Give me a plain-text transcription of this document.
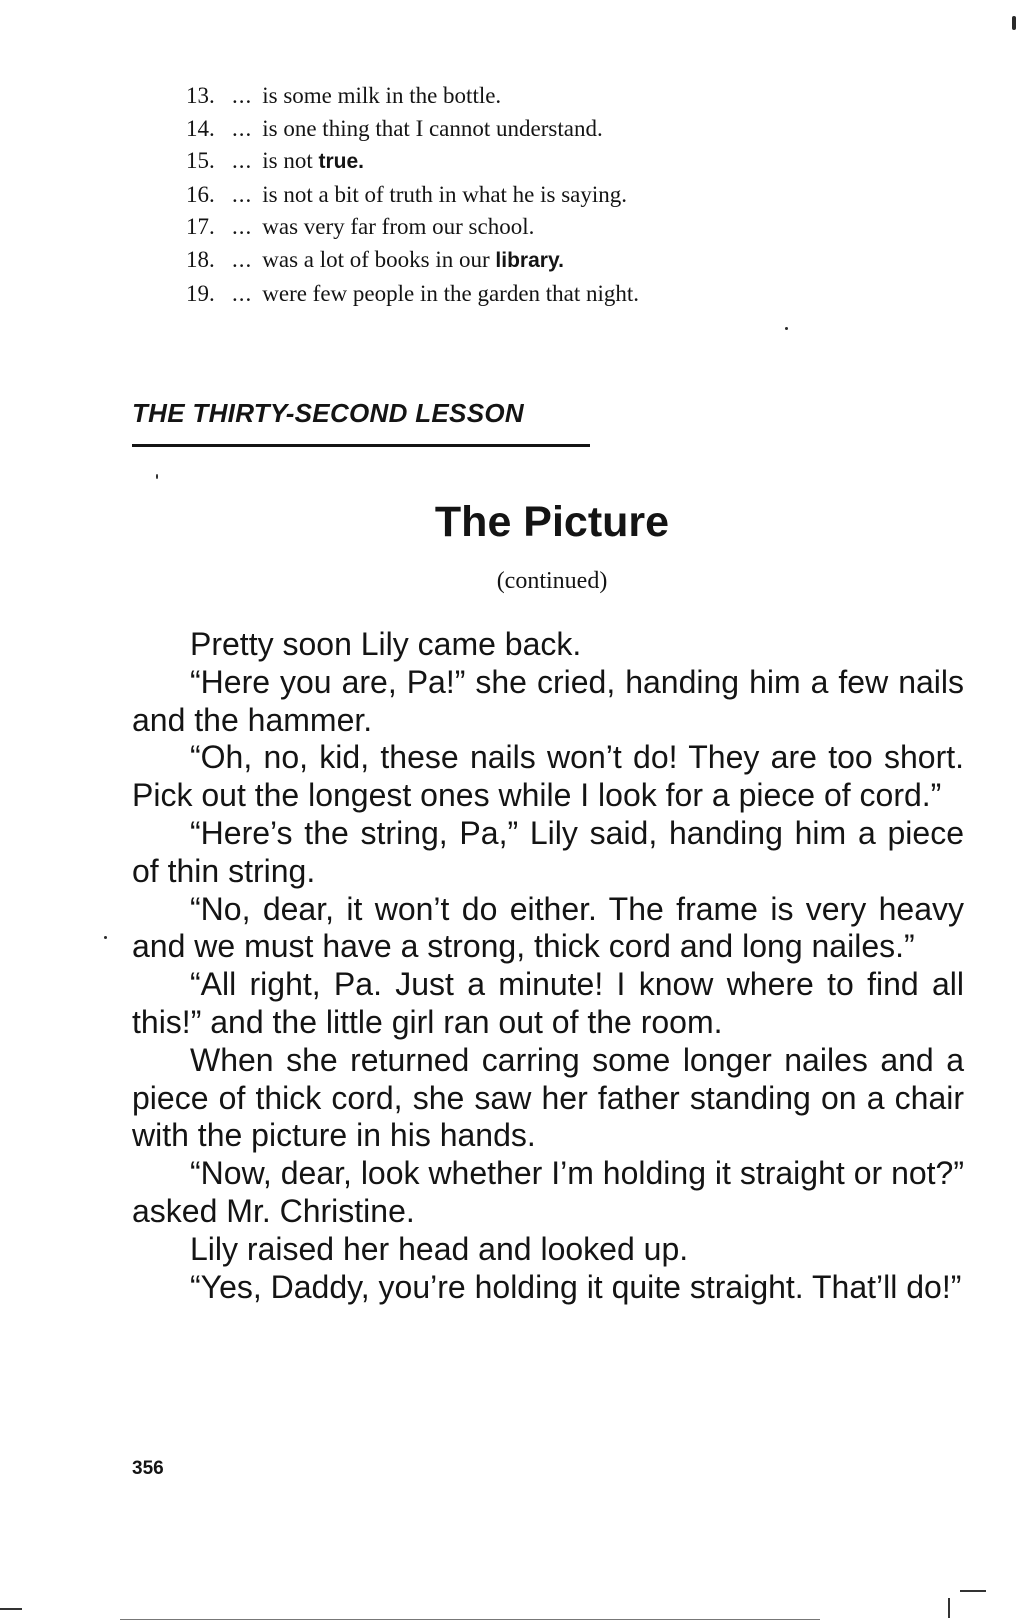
13. ... is some milk in the bottle.
14. ... is one thing that I cannot understand.
15. ... is not true.
16. ... is not a bit of truth in what he is saying.
17. ... was very far from our school.
18. ... was a lot of books in our library.
19. ... were few people in the garden that night.
THE THIRTY-SECOND LESSON
The Picture
(continued)

Pretty soon Lily came back.

“Here you are, Pa!” she cried, handing him a few nails and the hammer.

“Oh, no, kid, these nails won’t do! They are too short. Pick out the longest ones while I look for a piece of cord.”

“Here’s the string, Pa,” Lily said, handing him a piece of thin string.

“No, dear, it won’t do either. The frame is very heavy and we must have a strong, thick cord and long nailes.”

“All right, Pa. Just a minute! I know where to find all this!” and the little girl ran out of the room.

When she returned carring some longer nailes and a piece of thick cord, she saw her father standing on a chair with the picture in his hands.

“Now, dear, look whether I’m holding it straight or not?” asked Mr. Christine.

Lily raised her head and looked up.

“Yes, Daddy, you’re holding it quite straight. That’ll do!”

356
